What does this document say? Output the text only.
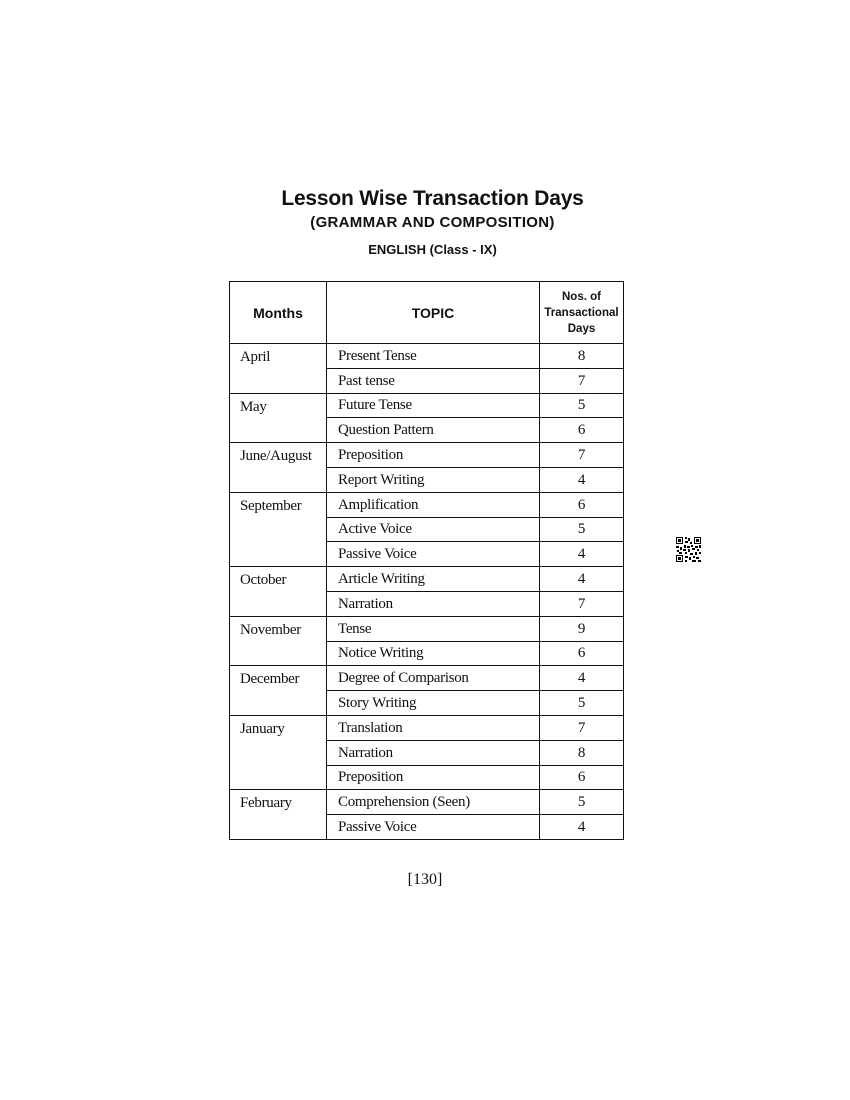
Lesson Wise Transaction Days
(GRAMMAR AND COMPOSITION)
ENGLISH (Class - IX)
Months	TOPIC	Nos. of
Transactional
Days
April	Present Tense	8
	Past tense	7
May	Future Tense	5
	Question Pattern	6
June/August	Preposition	7
	Report Writing	4
September	Amplification	6
	Active Voice	5
	Passive Voice	4
October	Article Writing	4
	Narration	7
November	Tense	9
	Notice Writing	6
December	Degree of Comparison	4
	Story Writing	5
January	Translation	7
	Narration	8
	Preposition	6
February	Comprehension (Seen)	5
	Passive Voice	4
[130]
